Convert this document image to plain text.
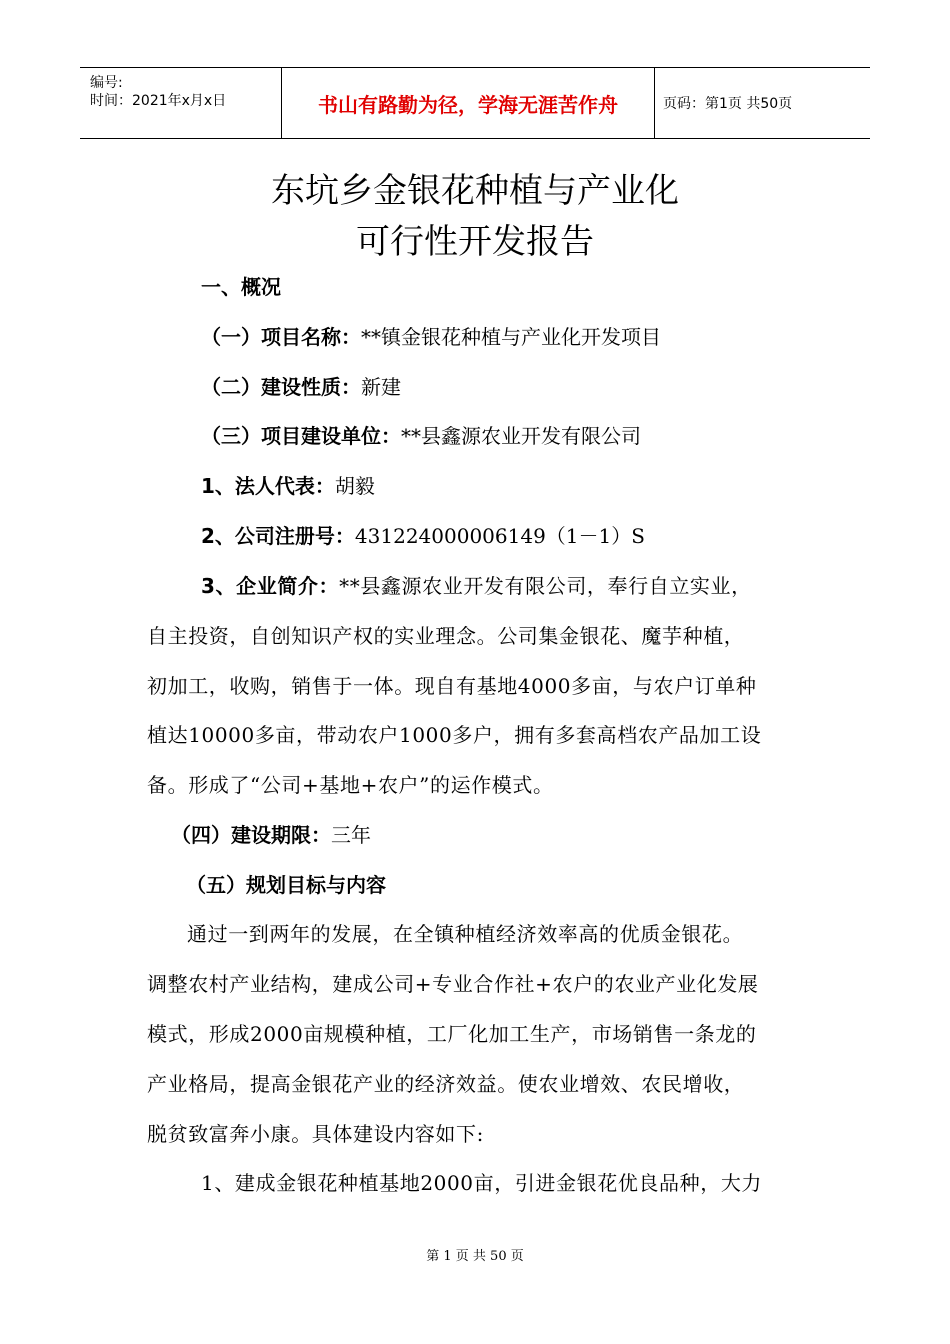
编号:
时间：2021年x月x日	书山有路勤为径，学海无涯苦作舟	页码：第1页 共50页
东坑乡金银花种植与产业化
可行性开发报告
一、概况
（一）项目名称：**镇金银花种植与产业化开发项目
（二）建设性质：新建
（三）项目建设单位：**县鑫源农业开发有限公司
1、法人代表：胡毅
2、公司注册号：431224000006149（1－1）S
3、企业简介：**县鑫源农业开发有限公司，奉行自立实业，
自主投资，自创知识产权的实业理念。公司集金银花、魔芋种植，
初加工，收购，销售于一体。现自有基地4000多亩，与农户订单种
植达10000多亩，带动农户1000多户，拥有多套高档农产品加工设
备。形成了“公司+基地+农户”的运作模式。
（四）建设期限：三年
（五）规划目标与内容
通过一到两年的发展，在全镇种植经济效率高的优质金银花。
调整农村产业结构，建成公司+专业合作社+农户的农业产业化发展
模式，形成2000亩规模种植，工厂化加工生产，市场销售一条龙的
产业格局，提高金银花产业的经济效益。使农业增效、农民增收，
脱贫致富奔小康。具体建设内容如下:
1、建成金银花种植基地2000亩，引进金银花优良品种，大力
第 1 页 共 50 页
